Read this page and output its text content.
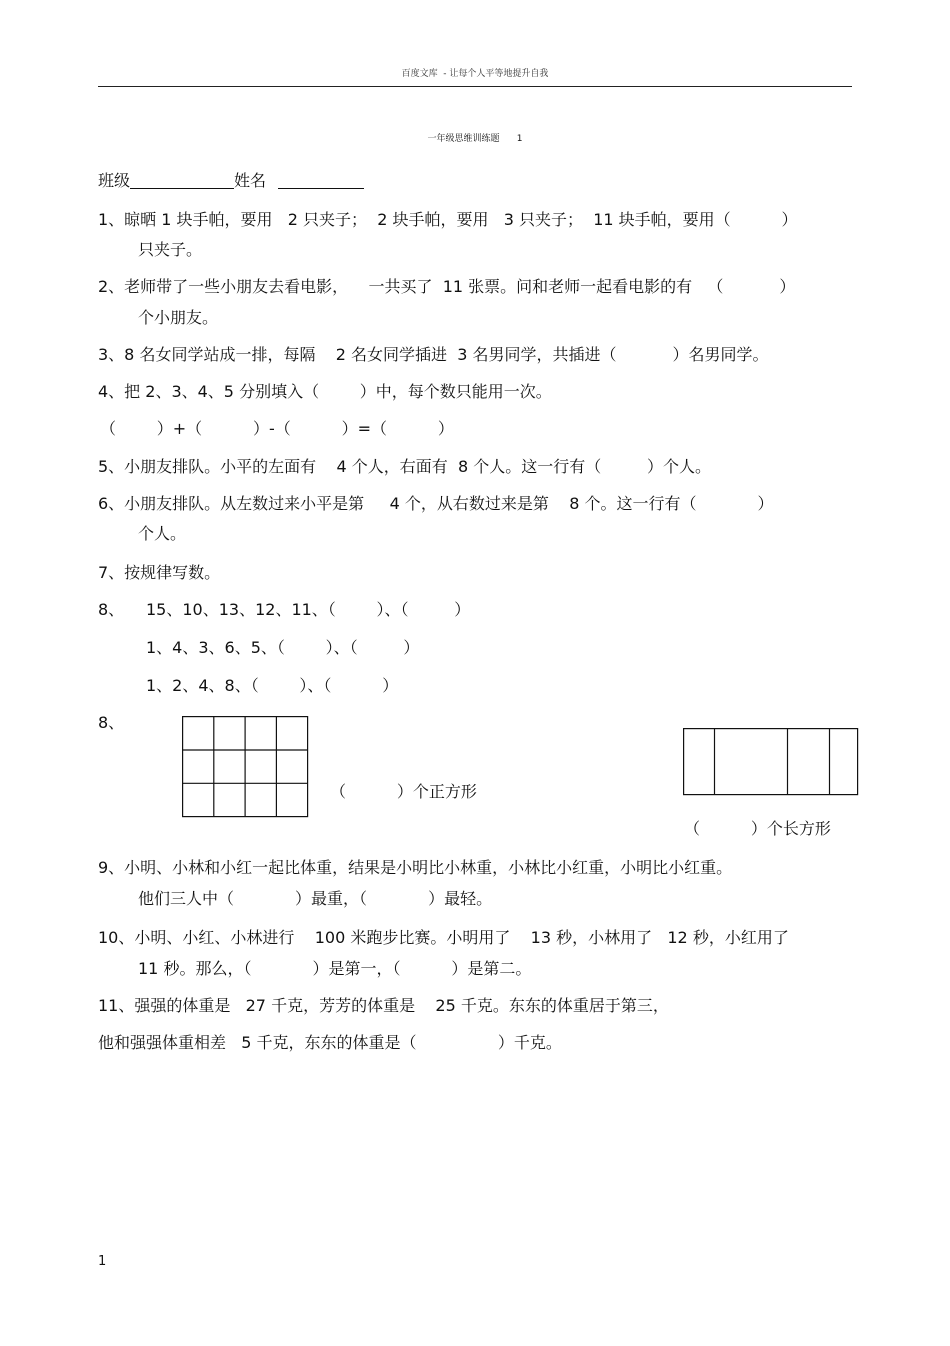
百度文库  - 让每个人平等地提升自我
一年级思维训练题      1
班级	姓名
1、晾晒 1 块手帕，要用   2 只夹子；  2 块手帕，要用   3 只夹子；  11 块手帕，要用（          ）
只夹子。
2、老师带了一些小朋友去看电影，    一共买了  11 张票。问和老师一起看电影的有   （           ）
个小朋友。
3、8 名女同学站成一排，每隔    2 名女同学插进  3 名男同学，共插进（           ）名男同学。
4、把 2、3、4、5 分别填入（        ）中，每个数只能用一次。
（        ）+（          ）-（          ）=（          ）
5、小朋友排队。小平的左面有    4 个人，右面有  8 个人。这一行有（         ）个人。
6、小朋友排队。从左数过来小平是第     4 个，从右数过来是第    8 个。这一行有（            ）
个人。
7、按规律写数。
8、 15、10、13、12、11、（        ）、（         ）
1、4、3、6、5、（        ）、（         ）
1、2、4、8、（        ）、（          ）
8、
（          ）个正方形
（          ）个长方形
9、小明、小林和小红一起比体重，结果是小明比小林重，小林比小红重，小明比小红重。
他们三人中（            ）最重，（            ）最轻。
10、小明、小红、小林进行    100 米跑步比赛。小明用了    13 秒，小林用了   12 秒，小红用了
11 秒。那么，（            ）是第一，（          ）是第二。
11、强强的体重是   27 千克，芳芳的体重是    25 千克。东东的体重居于第三，
他和强强体重相差   5 千克，东东的体重是（                ）千克。
1
